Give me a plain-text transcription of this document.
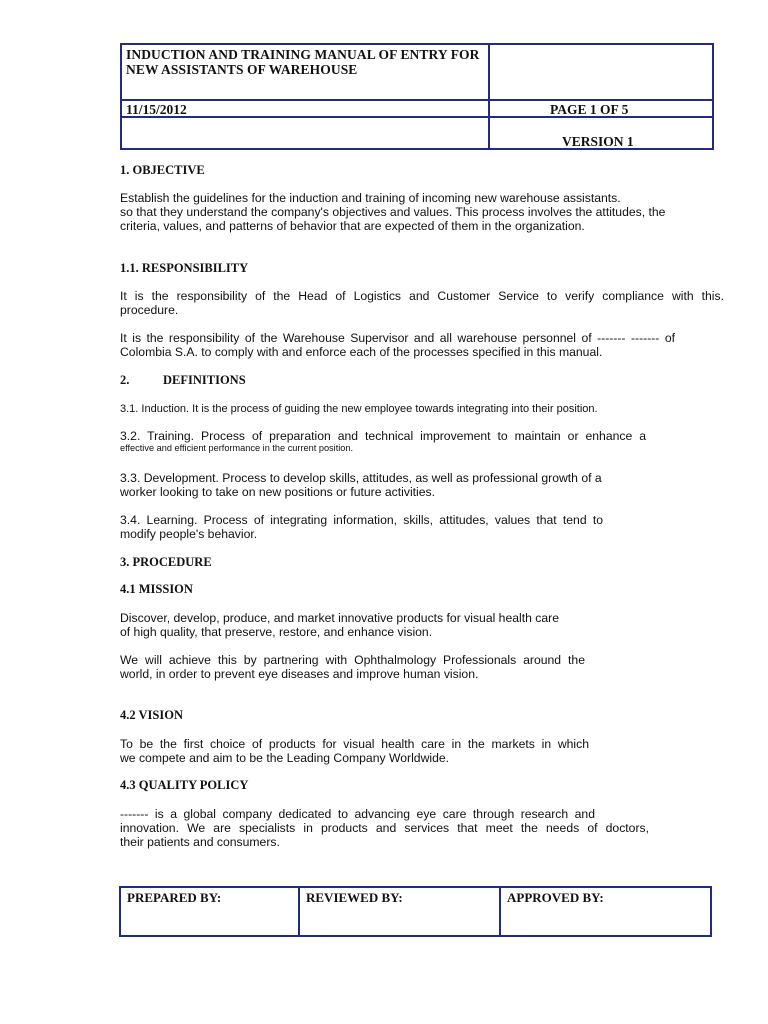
INDUCTION AND TRAINING MANUAL OF ENTRY FOR NEW ASSISTANTS OF WAREHOUSE
11/15/2012	PAGE 1 OF 5
VERSION 1
1. OBJECTIVE
Establish the guidelines for the induction and training of incoming new warehouse assistants.
so that they understand the company's objectives and values. This process involves the attitudes, the
criteria, values, and patterns of behavior that are expected of them in the organization.
1.1. RESPONSIBILITY
It is the responsibility of the Head of Logistics and Customer Service to verify compliance with this.
procedure.
It is the responsibility of the Warehouse Supervisor and all warehouse personnel of ------- ------- of
Colombia S.A. to comply with and enforce each of the processes specified in this manual.
2.	DEFINITIONS
3.1. Induction. It is the process of guiding the new employee towards integrating into their position.
3.2. Training. Process of preparation and technical improvement to maintain or enhance a
effective and efficient performance in the current position.
3.3. Development. Process to develop skills, attitudes, as well as professional growth of a
worker looking to take on new positions or future activities.
3.4. Learning. Process of integrating information, skills, attitudes, values that tend to
modify people's behavior.
3. PROCEDURE
4.1 MISSION
Discover, develop, produce, and market innovative products for visual health care
of high quality, that preserve, restore, and enhance vision.
We will achieve this by partnering with Ophthalmology Professionals around the
world, in order to prevent eye diseases and improve human vision.
4.2 VISION
To be the first choice of products for visual health care in the markets in which
we compete and aim to be the Leading Company Worldwide.
4.3 QUALITY POLICY
------- is a global company dedicated to advancing eye care through research and
innovation. We are specialists in products and services that meet the needs of doctors,
their patients and consumers.
PREPARED BY:	REVIEWED BY:	APPROVED BY:
